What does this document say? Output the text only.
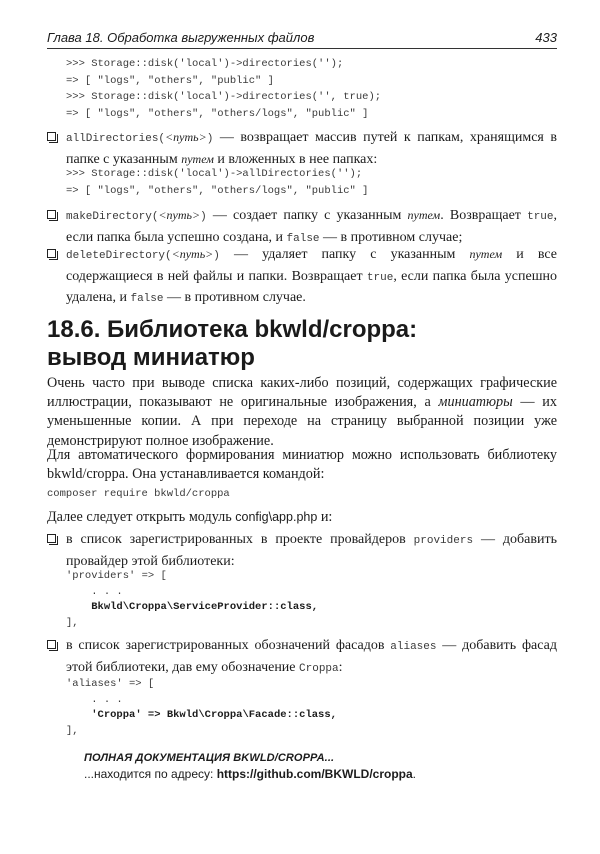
Глава 18. Обработка выгруженных файлов	433
>>> Storage::disk('local')->directories('');
=> [ "logs", "others", "public" ]
>>> Storage::disk('local')->directories('', true);
=> [ "logs", "others", "others/logs", "public" ]
allDirectories(<путь>) — возвращает массив путей к папкам, хранящимся в папке с указанным путем и вложенных в нее папках:
>>> Storage::disk('local')->allDirectories('');
=> [ "logs", "others", "others/logs", "public" ]
makeDirectory(<путь>) — создает папку с указанным путем. Возвращает true, если папка была успешно создана, и false — в противном случае;
deleteDirectory(<путь>) — удаляет папку с указанным путем и все содержащиеся в ней файлы и папки. Возвращает true, если папка была успешно удалена, и false — в противном случае.
18.6. Библиотека bkwld/croppa:
вывод миниатюр
Очень часто при выводе списка каких-либо позиций, содержащих графические иллюстрации, показывают не оригинальные изображения, а миниатюры — их уменьшенные копии. А при переходе на страницу выбранной позиции уже демонстрируют полное изображение.
Для автоматического формирования миниатюр можно использовать библиотеку bkwld/croppa. Она устанавливается командой:
composer require bkwld/croppa
Далее следует открыть модуль config\app.php и:
в список зарегистрированных в проекте провайдеров providers — добавить провайдер этой библиотеки:
'providers' => [
. . .
Bkwld\Croppa\ServiceProvider::class,
],
в список зарегистрированных обозначений фасадов aliases — добавить фасад этой библиотеки, дав ему обозначение Croppa:
'aliases' => [
. . .
'Croppa' => Bkwld\Croppa\Facade::class,
],
ПОЛНАЯ ДОКУМЕНТАЦИЯ BKWLD/CROPPA...
...находится по адресу: https://github.com/BKWLD/croppa.
